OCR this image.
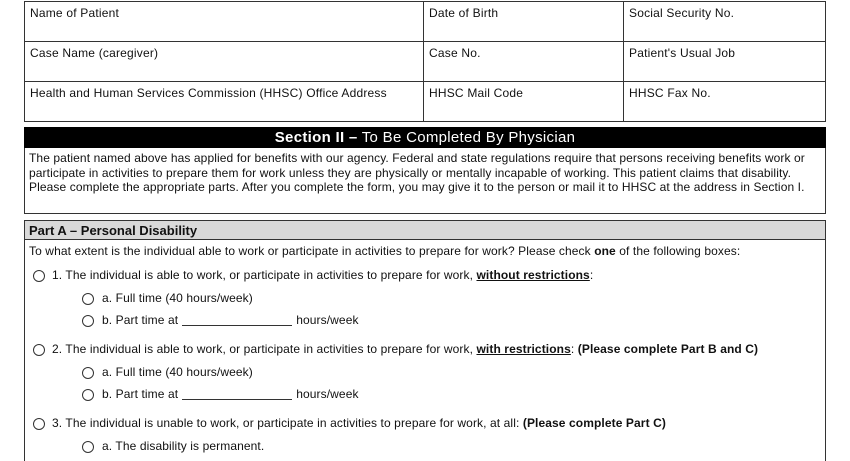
Name of Patient	Date of Birth	Social Security No.
Case Name (caregiver)	Case No.	Patient's Usual Job
Health and Human Services Commission (HHSC) Office Address	HHSC Mail Code	HHSC Fax No.
Section II – To Be Completed By Physician
The patient named above has applied for benefits with our agency. Federal and state regulations require that persons receiving benefits work or participate in activities to prepare them for work unless they are physically or mentally incapable of working. This patient claims that disability. Please complete the appropriate parts. After you complete the form, you may give it to the person or mail it to HHSC at the address in Section I.
Part A – Personal Disability
To what extent is the individual able to work or participate in activities to prepare for work? Please check one of the following boxes:
1. The individual is able to work, or participate in activities to prepare for work, without restrictions:
a. Full time (40 hours/week)
b. Part time at	hours/week
2. The individual is able to work, or participate in activities to prepare for work, with restrictions: (Please complete Part B and C)
a. Full time (40 hours/week)
b. Part time at	hours/week
3. The individual is unable to work, or participate in activities to prepare for work, at all: (Please complete Part C)
a. The disability is permanent.
